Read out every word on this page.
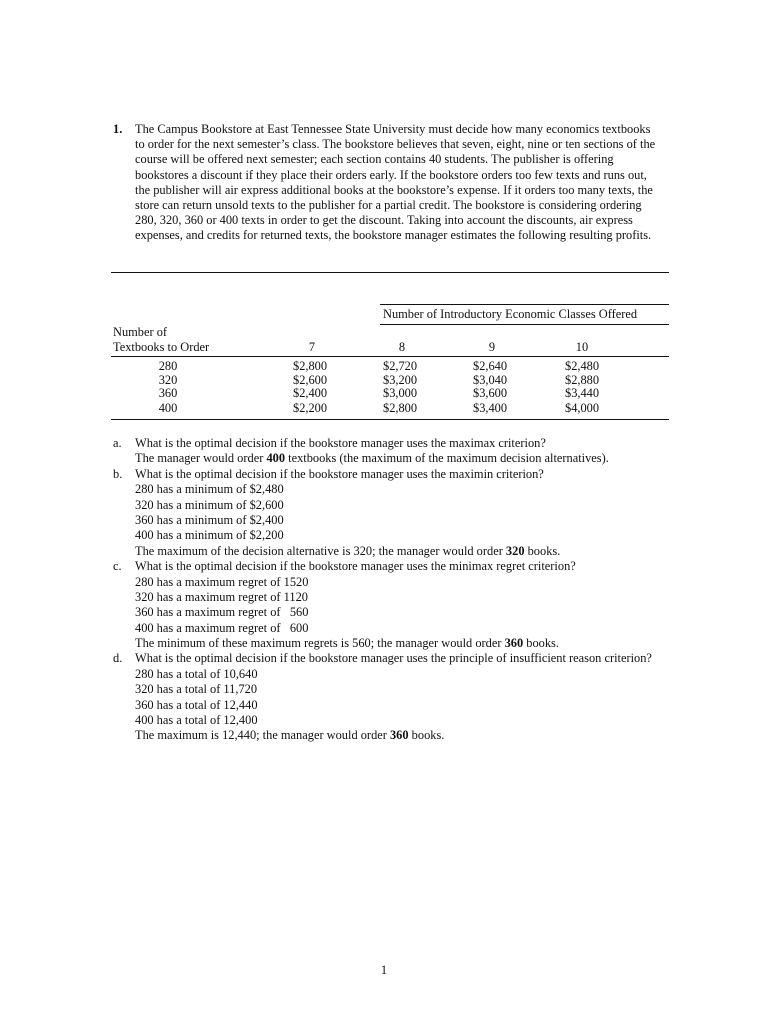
1. The Campus Bookstore at East Tennessee State University must decide how many economics textbooks
to order for the next semester’s class. The bookstore believes that seven, eight, nine or ten sections of the
course will be offered next semester; each section contains 40 students. The publisher is offering
bookstores a discount if they place their orders early. If the bookstore orders too few texts and runs out,
the publisher will air express additional books at the bookstore’s expense. If it orders too many texts, the
store can return unsold texts to the publisher for a partial credit. The bookstore is considering ordering
280, 320, 360 or 400 texts in order to get the discount. Taking into account the discounts, air express
expenses, and credits for returned texts, the bookstore manager estimates the following resulting profits.
Number of Introductory Economic Classes Offered
Number of
Textbooks to Order	7	8	9	10
280	$2,800	$2,720	$2,640	$2,480
320	$2,600	$3,200	$3,040	$2,880
360	$2,400	$3,000	$3,600	$3,440
400	$2,200	$2,800	$3,400	$4,000
a. What is the optimal decision if the bookstore manager uses the maximax criterion?
The manager would order 400 textbooks (the maximum of the maximum decision alternatives).
b. What is the optimal decision if the bookstore manager uses the maximin criterion?
280 has a minimum of $2,480
320 has a minimum of $2,600
360 has a minimum of $2,400
400 has a minimum of $2,200
The maximum of the decision alternative is 320; the manager would order 320 books.
c. What is the optimal decision if the bookstore manager uses the minimax regret criterion?
280 has a maximum regret of 1520
320 has a maximum regret of 1120
360 has a maximum regret of   560
400 has a maximum regret of   600
The minimum of these maximum regrets is 560; the manager would order 360 books.
d. What is the optimal decision if the bookstore manager uses the principle of insufficient reason criterion?
280 has a total of 10,640
320 has a total of 11,720
360 has a total of 12,440
400 has a total of 12,400
The maximum is 12,440; the manager would order 360 books.
1
